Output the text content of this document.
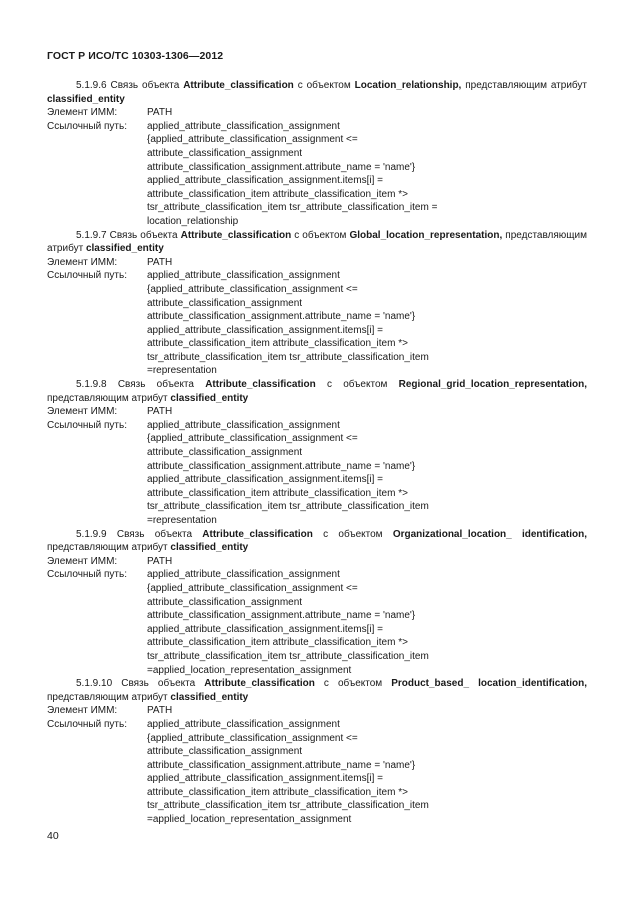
ГОСТ Р ИСО/ТС 10303-1306—2012
5.1.9.6 Связь объекта Attribute_classification с объектом Location_relationship, представляющим атрибут classified_entity
Элемент ИММ:	PATH
Ссылочный путь:	applied_attribute_classification_assignment
{applied_attribute_classification_assignment <=
attribute_classification_assignment
attribute_classification_assignment.attribute_name = 'name'}
applied_attribute_classification_assignment.items[i] =
attribute_classification_item attribute_classification_item *>
tsr_attribute_classification_item tsr_attribute_classification_item =
location_relationship
5.1.9.7 Связь объекта Attribute_classification с объектом Global_location_representation, представляющим атрибут classified_entity
Элемент ИММ:	PATH
Ссылочный путь:	applied_attribute_classification_assignment
{applied_attribute_classification_assignment <=
attribute_classification_assignment
attribute_classification_assignment.attribute_name = 'name'}
applied_attribute_classification_assignment.items[i] =
attribute_classification_item attribute_classification_item *>
tsr_attribute_classification_item tsr_attribute_classification_item
=representation
5.1.9.8 Связь объекта Attribute_classification с объектом Regional_grid_location_representation, представляющим атрибут classified_entity
Элемент ИММ:	PATH
Ссылочный путь:	applied_attribute_classification_assignment
{applied_attribute_classification_assignment <=
attribute_classification_assignment
attribute_classification_assignment.attribute_name = 'name'}
applied_attribute_classification_assignment.items[i] =
attribute_classification_item attribute_classification_item *>
tsr_attribute_classification_item tsr_attribute_classification_item
=representation
5.1.9.9 Связь объекта Attribute_classification с объектом Organizational_location_ identification, представляющим атрибут classified_entity
Элемент ИММ:	PATH
Ссылочный путь:	applied_attribute_classification_assignment
{applied_attribute_classification_assignment <=
attribute_classification_assignment
attribute_classification_assignment.attribute_name = 'name'}
applied_attribute_classification_assignment.items[i] =
attribute_classification_item attribute_classification_item *>
tsr_attribute_classification_item tsr_attribute_classification_item
=applied_location_representation_assignment
5.1.9.10 Связь объекта Attribute_classification с объектом Product_based_ location_identification, представляющим атрибут classified_entity
Элемент ИММ:	PATH
Ссылочный путь:	applied_attribute_classification_assignment
{applied_attribute_classification_assignment <=
attribute_classification_assignment
attribute_classification_assignment.attribute_name = 'name'}
applied_attribute_classification_assignment.items[i] =
attribute_classification_item attribute_classification_item *>
tsr_attribute_classification_item tsr_attribute_classification_item
=applied_location_representation_assignment
40
